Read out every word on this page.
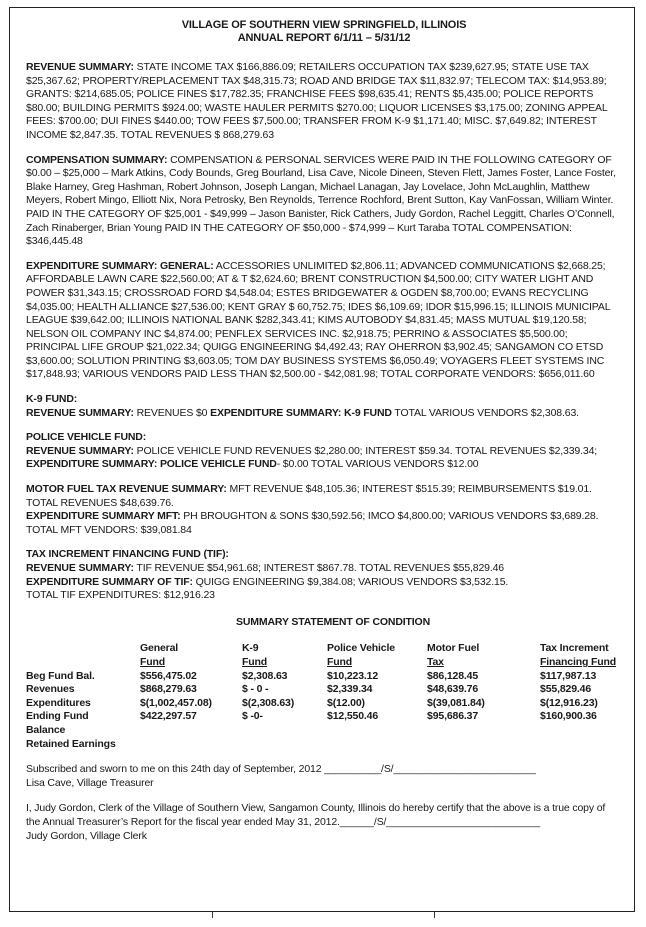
VILLAGE OF SOUTHERN VIEW SPRINGFIELD, ILLINOIS
ANNUAL REPORT 6/1/11 – 5/31/12

REVENUE SUMMARY: STATE INCOME TAX $166,886.09; RETAILERS OCCUPATION TAX $239,627.95; STATE USE TAX $25,367.62; PROPERTY/REPLACEMENT TAX $48,315.73; ROAD AND BRIDGE TAX $11,832.97; TELECOM TAX: $14,953.89; GRANTS: $214,685.05; POLICE FINES $17,782.35; FRANCHISE FEES $98,635.41; RENTS $5,435.00; POLICE REPORTS $80.00; BUILDING PERMITS $924.00; WASTE HAULER PERMITS $270.00; LIQUOR LICENSES $3,175.00; ZONING APPEAL FEES: $700.00; DUI FINES $440.00; TOW FEES $7,500.00; TRANSFER FROM K-9 $1,171.40; MISC. $7,649.82; INTEREST INCOME $2,847.35. TOTAL REVENUES $ 868,279.63

COMPENSATION SUMMARY: COMPENSATION & PERSONAL SERVICES WERE PAID IN THE FOLLOWING CATEGORY OF $0.00 – $25,000 – Mark Atkins, Cody Bounds, Greg Bourland, Lisa Cave, Nicole Dineen, Steven Flett, James Foster, Lance Foster, Blake Harney, Greg Hashman, Robert Johnson, Joseph Langan, Michael Lanagan, Jay Lovelace, John McLaughlin, Matthew Meyers, Robert Mingo, Elliott Nix, Nora Petrosky, Ben Reynolds, Terrence Rochford, Brent Sutton, Kay VanFossan, William Winter. PAID IN THE CATEGORY OF $25,001 - $49,999 – Jason Banister, Rick Cathers, Judy Gordon, Rachel Leggitt, Charles O’Connell, Zach Rinaberger, Brian Young PAID IN THE CATEGORY OF $50,000 - $74,999 – Kurt Taraba TOTAL COMPENSATION: $346,445.48

EXPENDITURE SUMMARY: GENERAL: ACCESSORIES UNLIMITED $2,806.11; ADVANCED COMMUNICATIONS $2,668.25; AFFORDABLE LAWN CARE $22,560.00; AT & T $2,624.60; BRENT CONSTRUCTION $4,500.00; CITY WATER LIGHT AND POWER $31,343.15; CROSSROAD FORD $4,548.04; ESTES BRIDGEWATER & OGDEN $8,700.00; EVANS RECYCLING $4,035.00; HEALTH ALLIANCE $27,536.00; KENT GRAY $ 60,752.75; IDES $6,109.69; IDOR $15,996.15; ILLINOIS MUNICIPAL LEAGUE $39,642.00; ILLINOIS NATIONAL BANK $282,343.41; KIMS AUTOBODY $4,831.45; MASS MUTUAL $19,120.58; NELSON OIL COMPANY INC $4,874.00; PENFLEX SERVICES INC. $2,918.75; PERRINO & ASSOCIATES $5,500.00; PRINCIPAL LIFE GROUP $21,022.34; QUIGG ENGINEERING $4,492.43; RAY OHERRON $3,902.45; SANGAMON CO ETSD $3,600.00; SOLUTION PRINTING $3,603.05; TOM DAY BUSINESS SYSTEMS $6,050.49; VOYAGERS FLEET SYSTEMS INC $17,848.93; VARIOUS VENDORS PAID LESS THAN $2,500.00 - $42,081.98; TOTAL CORPORATE VENDORS: $656,011.60

K-9 FUND:

REVENUE SUMMARY: REVENUES $0 EXPENDITURE SUMMARY: K-9 FUND TOTAL VARIOUS VENDORS $2,308.63.

POLICE VEHICLE FUND:

REVENUE SUMMARY: POLICE VEHICLE FUND REVENUES $2,280.00; INTEREST $59.34. TOTAL REVENUES $2,339.34; EXPENDITURE SUMMARY: POLICE VEHICLE FUND- $0.00 TOTAL VARIOUS VENDORS $12.00

MOTOR FUEL TAX REVENUE SUMMARY: MFT REVENUE $48,105.36; INTEREST $515.39; REIMBURSEMENTS $19.01. TOTAL REVENUES $48,639.76.

EXPENDITURE SUMMARY MFT: PH BROUGHTON & SONS $30,592.56; IMCO $4,800.00; VARIOUS VENDORS $3,689.28. TOTAL MFT VENDORS: $39,081.84

TAX INCREMENT FINANCING FUND (TIF):

REVENUE SUMMARY: TIF REVENUE $54,961.68; INTEREST $867.78. TOTAL REVENUES $55,829.46

EXPENDITURE SUMMARY OF TIF: QUIGG ENGINEERING $9,384.08; VARIOUS VENDORS $3,532.15.

TOTAL TIF EXPENDITURES: $12,916.23

SUMMARY STATEMENT OF CONDITION
	General	K-9	Police Vehicle	Motor Fuel	Tax Increment
	Fund	Fund	Fund	Tax	Financing Fund
Beg Fund Bal.	$556,475.02	$2,308.63	$10,223.12	$86,128.45	$117,987.13
Revenues	$868,279.63	$ - 0 -	$2,339.34	$48,639.76	$55,829.46
Expenditures	$(1,002,457.08)	$(2,308.63)	$(12.00)	$(39,081.84)	$(12,916.23)
Ending Fund	$422,297.57	$ -0-	$12,550.46	$95,686.37	$160,900.36
Balance					
Retained Earnings					
Subscribed and sworn to me on this 24th day of September, 2012 __________/S/_________________________
Lisa Cave, Village Treasurer
I, Judy Gordon, Clerk of the Village of Southern View, Sangamon County, Illinois do hereby certify that the above is a true copy of the Annual Treasurer’s Report for the fiscal year ended May 31, 2012.______/S/___________________________
Judy Gordon, Village Clerk
